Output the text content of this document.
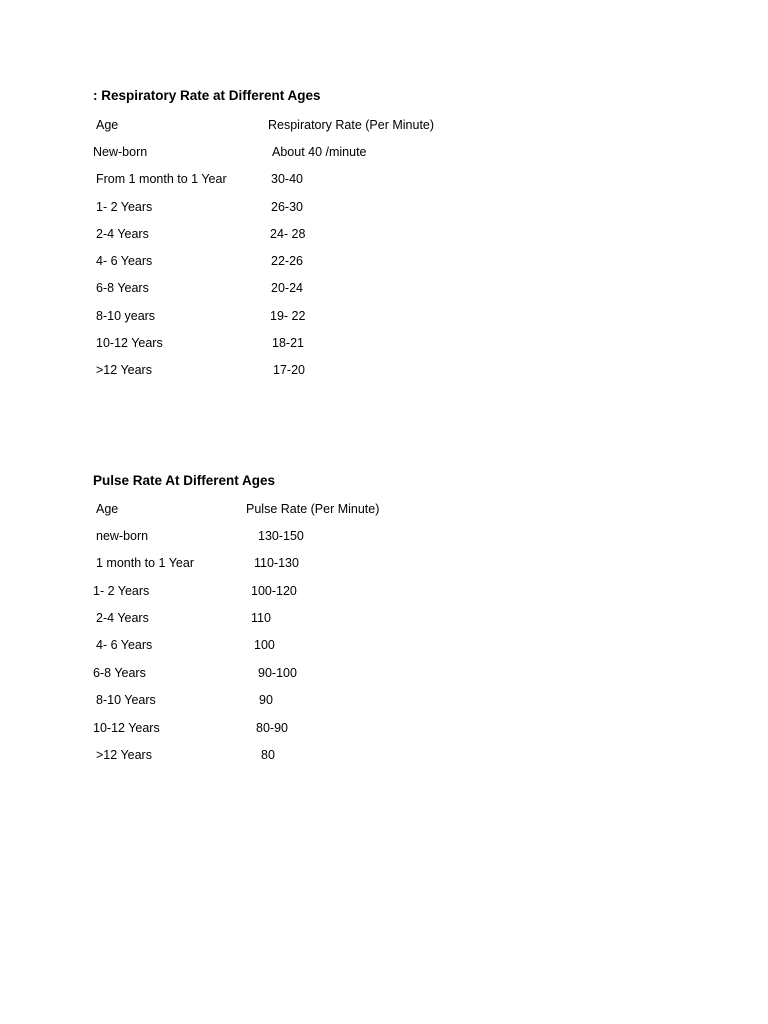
: Respiratory Rate at Different Ages
Age	Respiratory Rate (Per Minute)
New-born	About 40 /minute
From 1 month to 1 Year	30-40
1- 2 Years	26-30
2-4 Years	24- 28
4- 6 Years	22-26
6-8 Years	20-24
8-10 years	19- 22
10-12 Years	18-21
>12 Years	17-20
Pulse Rate At Different Ages
Age	Pulse Rate (Per Minute)
new-born	130-150
1 month to 1 Year	110-130
1- 2 Years	100-120
2-4 Years	110
4- 6 Years	100
6-8 Years	90-100
8-10 Years	90
10-12 Years	80-90
>12 Years	80
